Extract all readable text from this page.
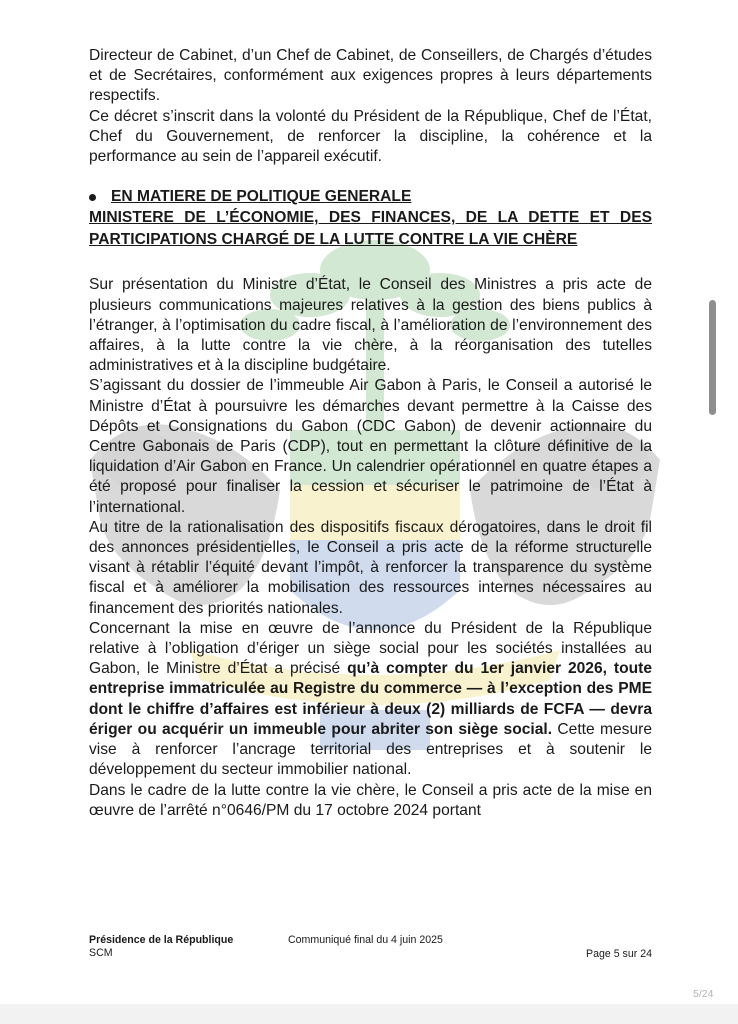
Directeur de Cabinet, d’un Chef de Cabinet, de Conseillers, de Chargés d’études et de Secrétaires, conformément aux exigences propres à leurs départements respectifs.

Ce décret s’inscrit dans la volonté du Président de la République, Chef de l’État, Chef du Gouvernement, de renforcer la discipline, la cohérence et la performance au sein de l’appareil exécutif.

EN MATIERE DE POLITIQUE GENERALE

MINISTERE DE L’ÉCONOMIE, DES FINANCES, DE LA DETTE ET DES PARTICIPATIONS CHARGÉ DE LA LUTTE CONTRE LA VIE CHÈRE

Sur présentation du Ministre d’État, le Conseil des Ministres a pris acte de plusieurs communications majeures relatives à la gestion des biens publics à l’étranger, à l’optimisation du cadre fiscal, à l’amélioration de l’environnement des affaires, à la lutte contre la vie chère, à la réorganisation des tutelles administratives et à la discipline budgétaire.

S’agissant du dossier de l’immeuble Air Gabon à Paris, le Conseil a autorisé le Ministre d’État à poursuivre les démarches devant permettre à la Caisse des Dépôts et Consignations du Gabon (CDC Gabon) de devenir actionnaire du Centre Gabonais de Paris (CDP), tout en permettant la clôture définitive de la liquidation d’Air Gabon en France. Un calendrier opérationnel en quatre étapes a été proposé pour finaliser la cession et sécuriser le patrimoine de l’État à l’international.

Au titre de la rationalisation des dispositifs fiscaux dérogatoires, dans le droit fil des annonces présidentielles, le Conseil a pris acte de la réforme structurelle visant à rétablir l’équité devant l’impôt, à renforcer la transparence du système fiscal et à améliorer la mobilisation des ressources internes nécessaires au financement des priorités nationales.

Concernant la mise en œuvre de l’annonce du Président de la République relative à l’obligation d’ériger un siège social pour les sociétés installées au Gabon, le Ministre d’État a précisé qu’à compter du 1er janvier 2026, toute entreprise immatriculée au Registre du commerce — à l’exception des PME dont le chiffre d’affaires est inférieur à deux (2) milliards de FCFA — devra ériger ou acquérir un immeuble pour abriter son siège social. Cette mesure vise à renforcer l’ancrage territorial des entreprises et à soutenir le développement du secteur immobilier national.

Dans le cadre de la lutte contre la vie chère, le Conseil a pris acte de la mise en œuvre de l’arrêté n°0646/PM du 17 octobre 2024 portant

Présidence de la République
SCM
Communiqué final du 4 juin 2025
Page 5 sur 24
5/24
